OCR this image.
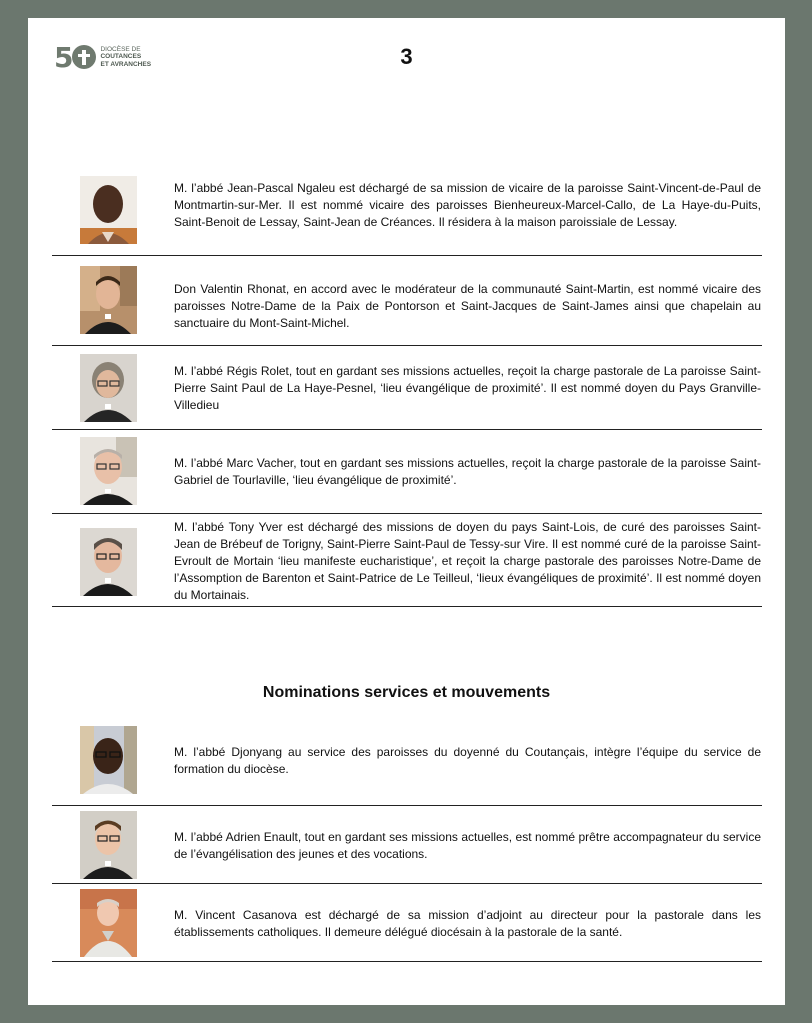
5	DIOCÈSE DE
COUTANCES
ET AVRANCHES	3
M. l’abbé Jean-Pascal Ngaleu est déchargé de sa mission de vicaire de la paroisse Saint-Vincent-de-Paul de Montmartin-sur-Mer. Il est nommé vicaire des paroisses Bienheureux-Marcel-Callo, de La Haye-du-Puits, Saint-Benoit de Lessay, Saint-Jean de Créances. Il résidera à la maison paroissiale de Lessay.
Don Valentin Rhonat, en accord avec le modérateur de la communauté Saint-Martin, est nommé vicaire des paroisses Notre-Dame de la Paix de Pontorson et Saint-Jacques de Saint-James ainsi que chapelain au sanctuaire du Mont-Saint-Michel.
M. l’abbé Régis Rolet, tout en gardant ses missions actuelles, reçoit la charge pastorale de La paroisse Saint-Pierre Saint Paul de La Haye-Pesnel, ‘lieu évangélique de proximité’. Il est nommé doyen du Pays Granville-Villedieu
M. l’abbé Marc Vacher, tout en gardant ses missions actuelles, reçoit la charge pastorale de la paroisse Saint-Gabriel de Tourlaville, ‘lieu évangélique de proximité’.
M. l’abbé Tony Yver est déchargé des missions de doyen du pays Saint-Lois, de curé des paroisses Saint-Jean de Brébeuf de Torigny, Saint-Pierre Saint-Paul de Tessy-sur Vire. Il est nommé curé de la paroisse Saint-Evroult de Mortain ‘lieu manifeste eucharistique’, et reçoit la charge pastorale des paroisses Notre-Dame de l’Assomption de Barenton et Saint-Patrice de Le Teilleul, ‘lieux évangéliques de proximité’. Il est nommé doyen du Mortainais.
Nominations services et mouvements
M. l’abbé Djonyang au service des paroisses du doyenné du Coutançais, intègre l’équipe du service de formation du diocèse.
M. l’abbé Adrien Enault, tout en gardant ses missions actuelles, est nommé prêtre accompagnateur du service de l’évangélisation des jeunes et des vocations.
M. Vincent Casanova est déchargé de sa mission d’adjoint au directeur pour la pastorale dans les établissements catholiques. Il demeure délégué diocésain à la pastorale de la santé.
